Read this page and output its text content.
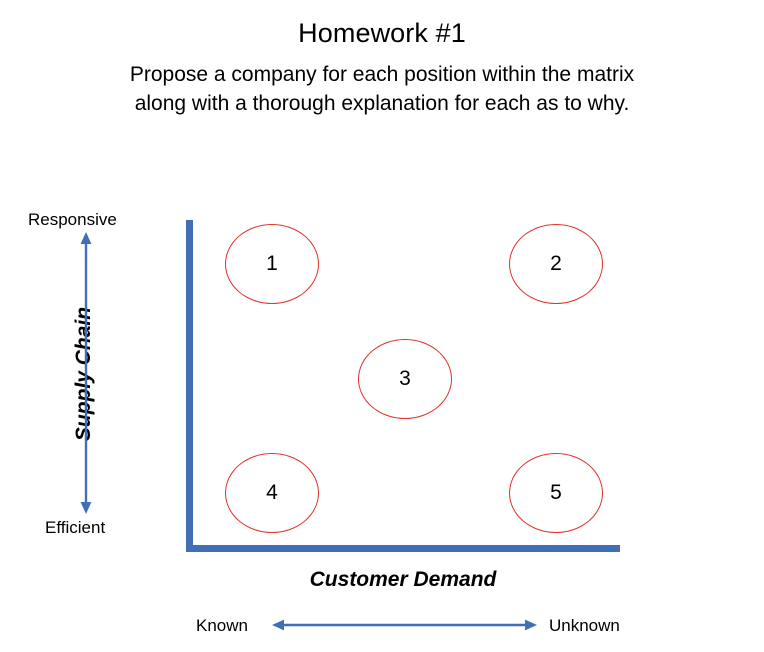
Homework #1
Propose a company for each position within the matrix
along with a thorough explanation for each as to why.
Supply Chain
Customer Demand
Responsive
Efficient
Known	Unknown
1	2
3
4	5
